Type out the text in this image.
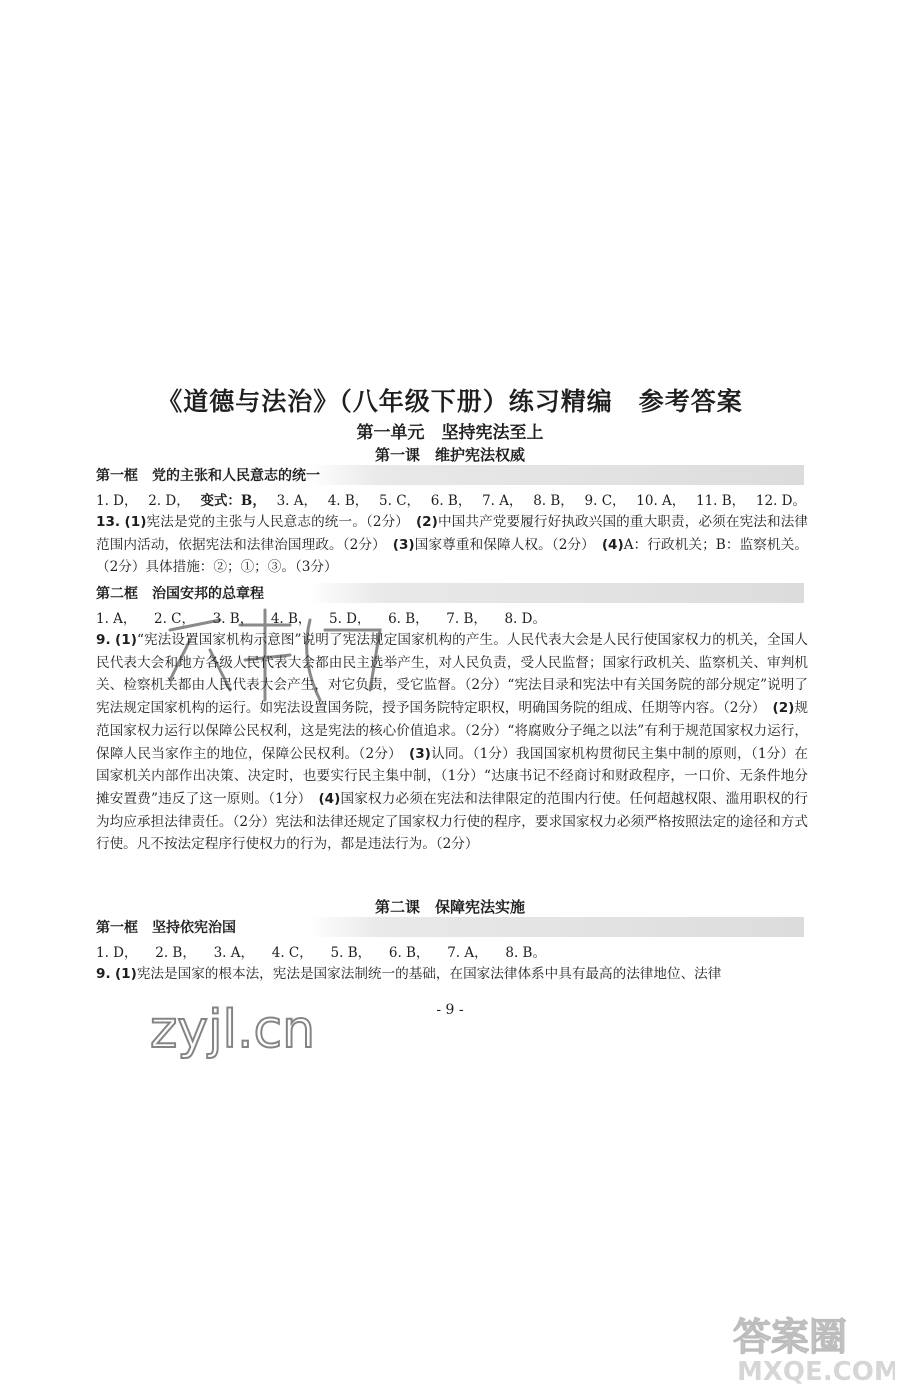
《道德与法治》（八年级下册）练习精编　参考答案
第一单元　坚持宪法至上
第一课　维护宪法权威
第一框　党的主张和人民意志的统一
1. D， 2. D， 变式：B， 3. A， 4. B， 5. C， 6. B， 7. A， 8. B， 9. C， 10. A， 11. B， 12. D。
13. (1)宪法是党的主张与人民意志的统一。（2分）　 (2)中国共产党要履行好执政兴国的重大职责，必须在宪法和法律范围内活动，依据宪法和法律治国理政。（2分）　 (3)国家尊重和保障人权。（2分）　 (4)A：行政机关；B：监察机关。（2分）具体措施：②；①；③。（3分）
第二框　治国安邦的总章程
1. A， 2. C， 3. B， 4. B， 5. D， 6. B， 7. B， 8. D。
9. (1)“宪法设置国家机构示意图”说明了宪法规定国家机构的产生。人民代表大会是人民行使国家权力的机关，全国人民代表大会和地方各级人民代表大会都由民主选举产生，对人民负责，受人民监督；国家行政机关、监察机关、审判机关、检察机关都由人民代表大会产生，对它负责，受它监督。（2分）“宪法目录和宪法中有关国务院的部分规定”说明了宪法规定国家机构的运行。如宪法设置国务院，授予国务院特定职权，明确国务院的组成、任期等内容。（2分）　 (2)规范国家权力运行以保障公民权利，这是宪法的核心价值追求。（2分）“将腐败分子绳之以法”有利于规范国家权力运行，保障人民当家作主的地位，保障公民权利。（2分）　 (3)认同。（1分）我国国家机构贯彻民主集中制的原则，（1分）在国家机关内部作出决策、决定时，也要实行民主集中制，（1分）“达康书记不经商讨和财政程序，一口价、无条件地分摊安置费”违反了这一原则。（1分）　 (4)国家权力必须在宪法和法律限定的范围内行使。任何超越权限、滥用职权的行为均应承担法律责任。（2分）宪法和法律还规定了国家权力行使的程序，要求国家权力必须严格按照法定的途径和方式行使。凡不按法定程序行使权力的行为，都是违法行为。（2分）
第二课　保障宪法实施
第一框　坚持依宪治国
1. D， 2. B， 3. A， 4. C， 5. B， 6. B， 7. A， 8. B。
9. (1)宪法是国家的根本法，宪法是国家法制统一的基础，在国家法律体系中具有最高的法律地位、法律
- 9 -
zyjl.cn
答案圈
MXQE.COM
